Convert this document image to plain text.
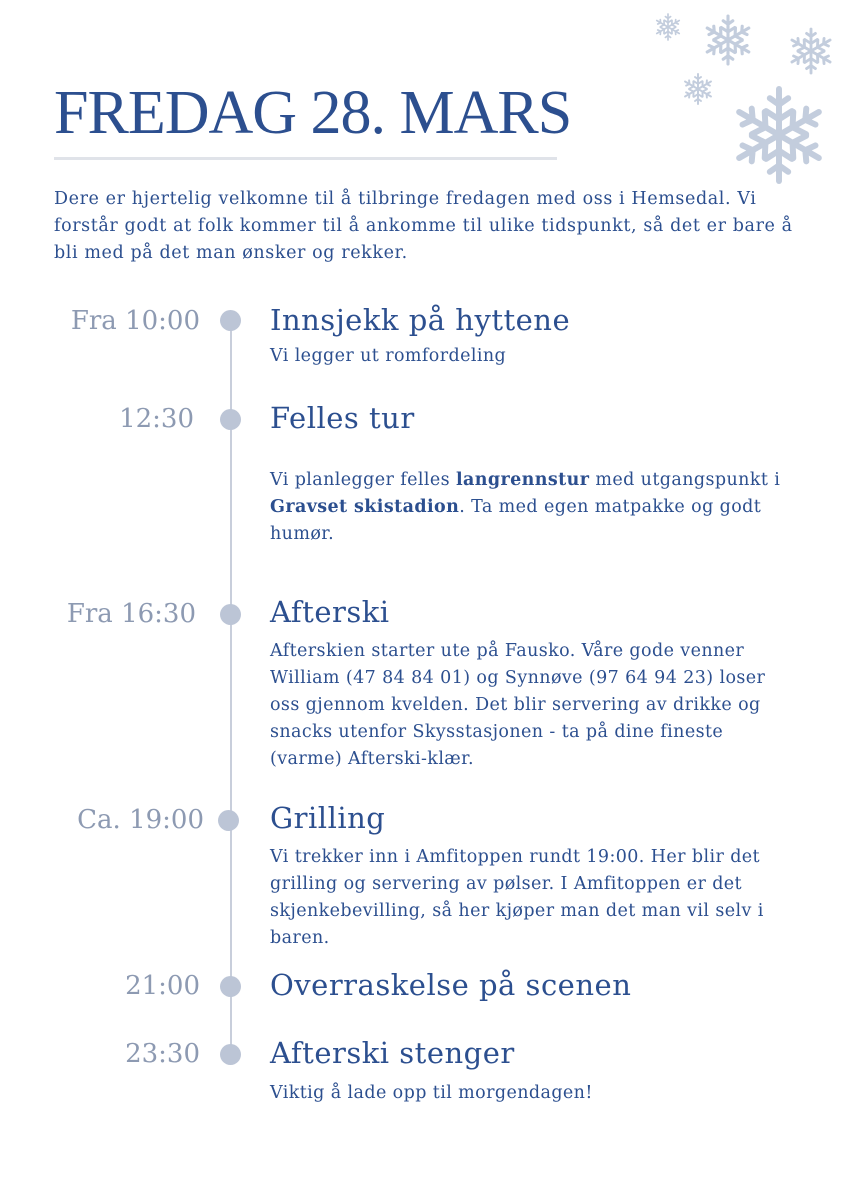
FREDAG 28. MARS

Dere er hjertelig velkomne til å tilbringe fredagen med oss i Hemsedal. Vi forstår godt at folk kommer til å ankomme til ulike tidspunkt, så det er bare å bli med på det man ønsker og rekker.

Fra 10:00 Innsjekk på hyttene
Vi legger ut romfordeling
12:30	Felles tur
Vi planlegger felles langrennstur med utgangspunkt i Gravset skistadion. Ta med egen matpakke og godt humør.
Fra 16:30	Afterski
Afterskien starter ute på Fausko. Våre gode venner William (47 84 84 01) og Synnøve (97 64 94 23) loser oss gjennom kvelden. Det blir servering av drikke og snacks utenfor Skysstasjonen - ta på dine fineste (varme) Afterski-klær.
Ca. 19:00 Grilling
Vi trekker inn i Amfitoppen rundt 19:00. Her blir det grilling og servering av pølser. I Amfitoppen er det skjenkebevilling, så her kjøper man det man vil selv i baren.
21:00 Overraskelse på scenen
23:30 Afterski stenger
Viktig å lade opp til morgendagen!
